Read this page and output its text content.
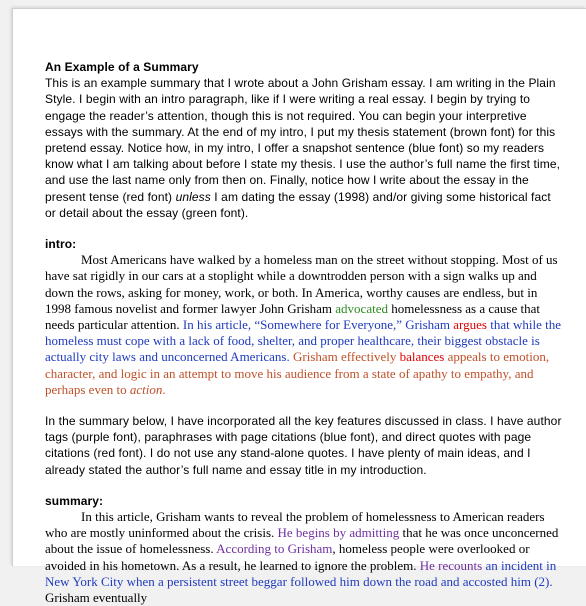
An Example of a Summary

This is an example summary that I wrote about a John Grisham essay. I am writing in the Plain Style. I begin with an intro paragraph, like if I were writing a real essay. I begin by trying to engage the reader’s attention, though this is not required. You can begin your interpretive essays with the summary. At the end of my intro, I put my thesis statement (brown font) for this pretend essay. Notice how, in my intro, I offer a snapshot sentence (blue font) so my readers know what I am talking about before I state my thesis. I use the author’s full name the first time, and use the last name only from then on. Finally, notice how I write about the essay in the present tense (red font) unless I am dating the essay (1998) and/or giving some historical fact or detail about the essay (green font).

intro:

Most Americans have walked by a homeless man on the street without stopping. Most of us have sat rigidly in our cars at a stoplight while a downtrodden person with a sign walks up and down the rows, asking for money, work, or both. In America, worthy causes are endless, but in 1998 famous novelist and former lawyer John Grisham advocated homelessness as a cause that needs particular attention. In his article, “Somewhere for Everyone,” Grisham argues that while the homeless must cope with a lack of food, shelter, and proper healthcare, their biggest obstacle is actually city laws and unconcerned Americans. Grisham effectively balances appeals to emotion, character, and logic in an attempt to move his audience from a state of apathy to empathy, and perhaps even to action.

In the summary below, I have incorporated all the key features discussed in class. I have author tags (purple font), paraphrases with page citations (blue font), and direct quotes with page citations (red font). I do not use any stand-alone quotes. I have plenty of main ideas, and I already stated the author’s full name and essay title in my introduction.

summary:

In this article, Grisham wants to reveal the problem of homelessness to American readers who are mostly uninformed about the crisis. He begins by admitting that he was once unconcerned about the issue of homelessness. According to Grisham, homeless people were overlooked or avoided in his hometown. As a result, he learned to ignore the problem. He recounts an incident in New York City when a persistent street beggar followed him down the road and accosted him (2). Grisham eventually
